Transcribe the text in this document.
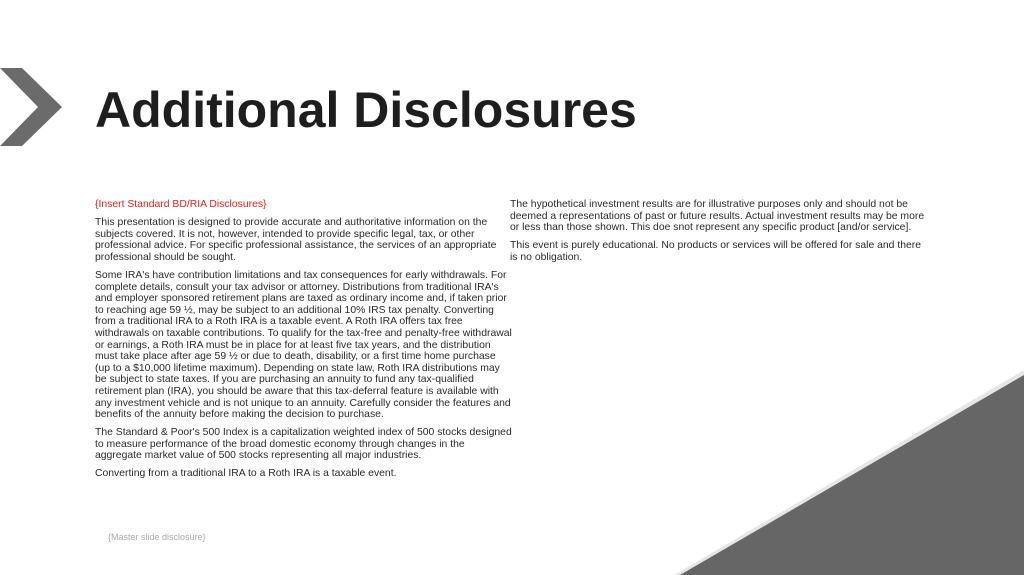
Additional Disclosures

{Insert Standard BD/RIA Disclosures}

This presentation is designed to provide accurate and authoritative information on the subjects covered. It is not, however, intended to provide specific legal, tax, or other professional advice. For specific professional assistance, the services of an appropriate professional should be sought.

Some IRA's have contribution limitations and tax consequences for early withdrawals. For complete details, consult your tax advisor or attorney. Distributions from traditional IRA's and employer sponsored retirement plans are taxed as ordinary income and, if taken prior to reaching age 59 ½, may be subject to an additional 10% IRS tax penalty. Converting from a traditional IRA to a Roth IRA is a taxable event. A Roth IRA offers tax free withdrawals on taxable contributions. To qualify for the tax-free and penalty-free withdrawal or earnings, a Roth IRA must be in place for at least five tax years, and the distribution must take place after age 59 ½ or due to death, disability, or a first time home purchase (up to a $10,000 lifetime maximum). Depending on state law, Roth IRA distributions may be subject to state taxes. If you are purchasing an annuity to fund any tax-qualified retirement plan (IRA), you should be aware that this tax-deferral feature is available with any investment vehicle and is not unique to an annuity. Carefully consider the features and benefits of the annuity before making the decision to purchase.

The Standard & Poor's 500 Index is a capitalization weighted index of 500 stocks designed to measure performance of the broad domestic economy through changes in the aggregate market value of 500 stocks representing all major industries.

Converting from a traditional IRA to a Roth IRA is a taxable event.

The hypothetical investment results are for illustrative purposes only and should not be deemed a representations of past or future results. Actual investment results may be more or less than those shown. This doe snot represent any specific product [and/or service].

This event is purely educational. No products or services will be offered for sale and there is no obligation.

{Master slide disclosure}
